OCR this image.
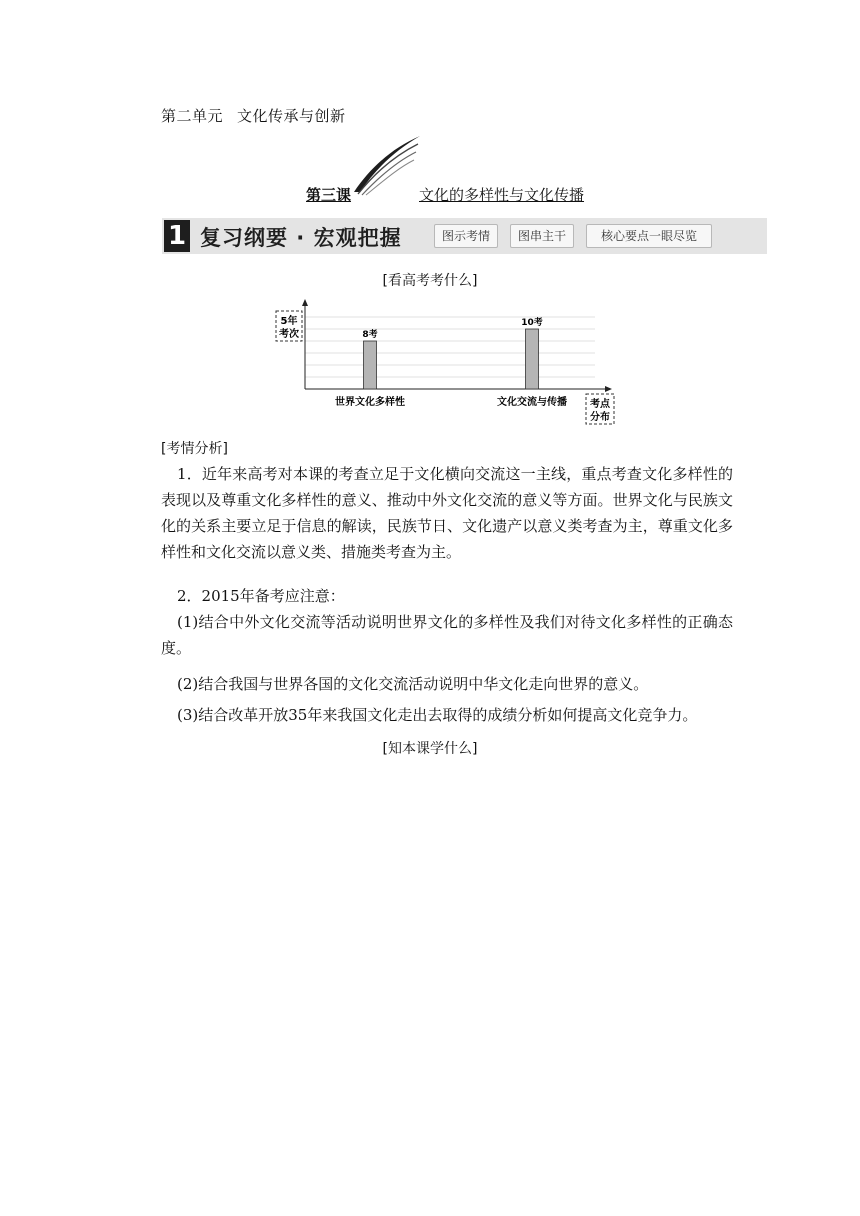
第二单元 文化传承与创新
第三课	文化的多样性与文化传播
1 复习纲要 · 宏观把握	图示考情	图串主干	核心要点一眼尽览
[看高考考什么]
5年
考次
考点
分布
8考
世界文化多样性
10考
文化交流与传播
[考情分析]
1．近年来高考对本课的考查立足于文化横向交流这一主线，重点考查文化多样性的表现以及尊重文化多样性的意义、推动中外文化交流的意义等方面。世界文化与民族文化的关系主要立足于信息的解读，民族节日、文化遗产以意义类考查为主，尊重文化多样性和文化交流以意义类、措施类考查为主。
2．2015年备考应注意：
(1)结合中外文化交流等活动说明世界文化的多样性及我们对待文化多样性的正确态度。
(2)结合我国与世界各国的文化交流活动说明中华文化走向世界的意义。
(3)结合改革开放35年来我国文化走出去取得的成绩分析如何提高文化竞争力。
[知本课学什么]
